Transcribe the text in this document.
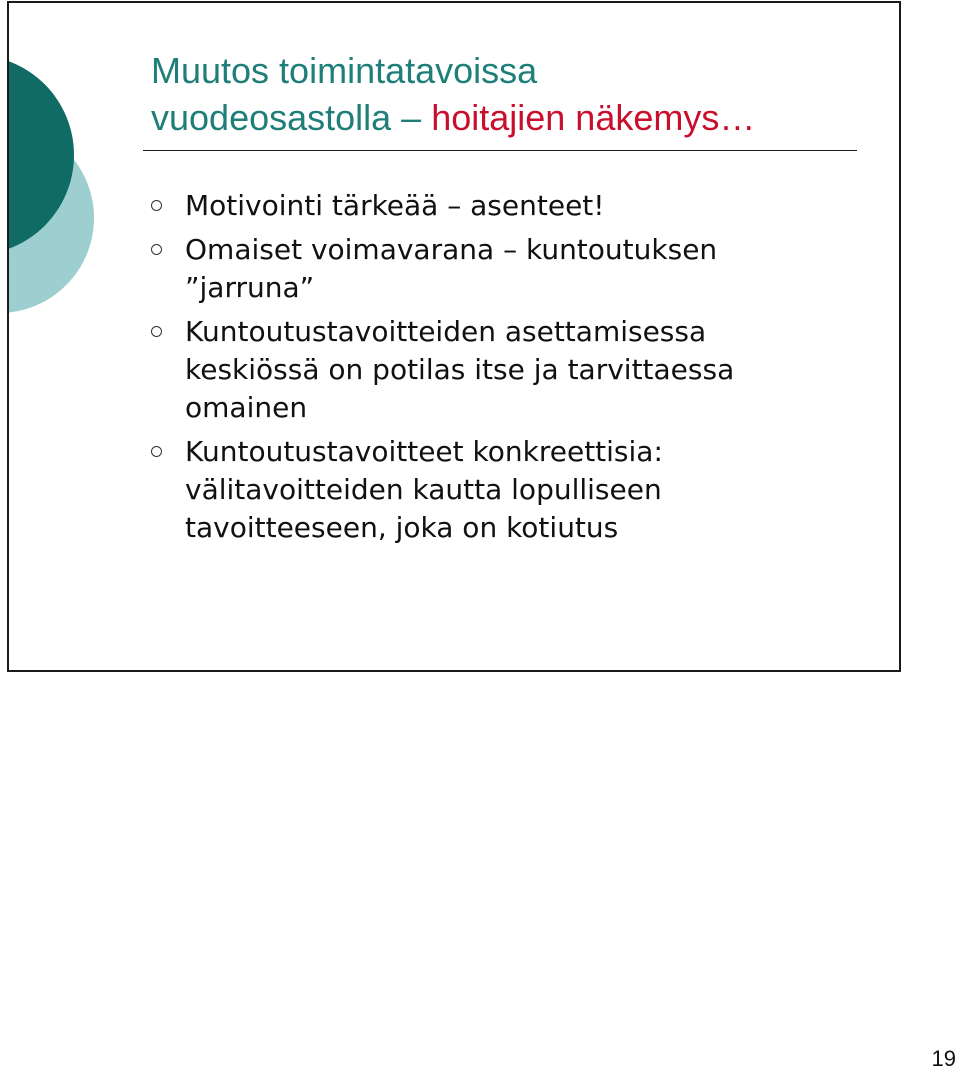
Muutos toimintatavoissa
vuodeosastolla – hoitajien näkemys…
Motivointi tärkeää – asenteet!
Omaiset voimavarana – kuntoutuksen ”jarruna”
Kuntoutustavoitteiden asettamisessa keskiössä on potilas itse ja tarvittaessa omainen
Kuntoutustavoitteet konkreettisia: välitavoitteiden kautta lopulliseen tavoitteeseen, joka on kotiutus
19
